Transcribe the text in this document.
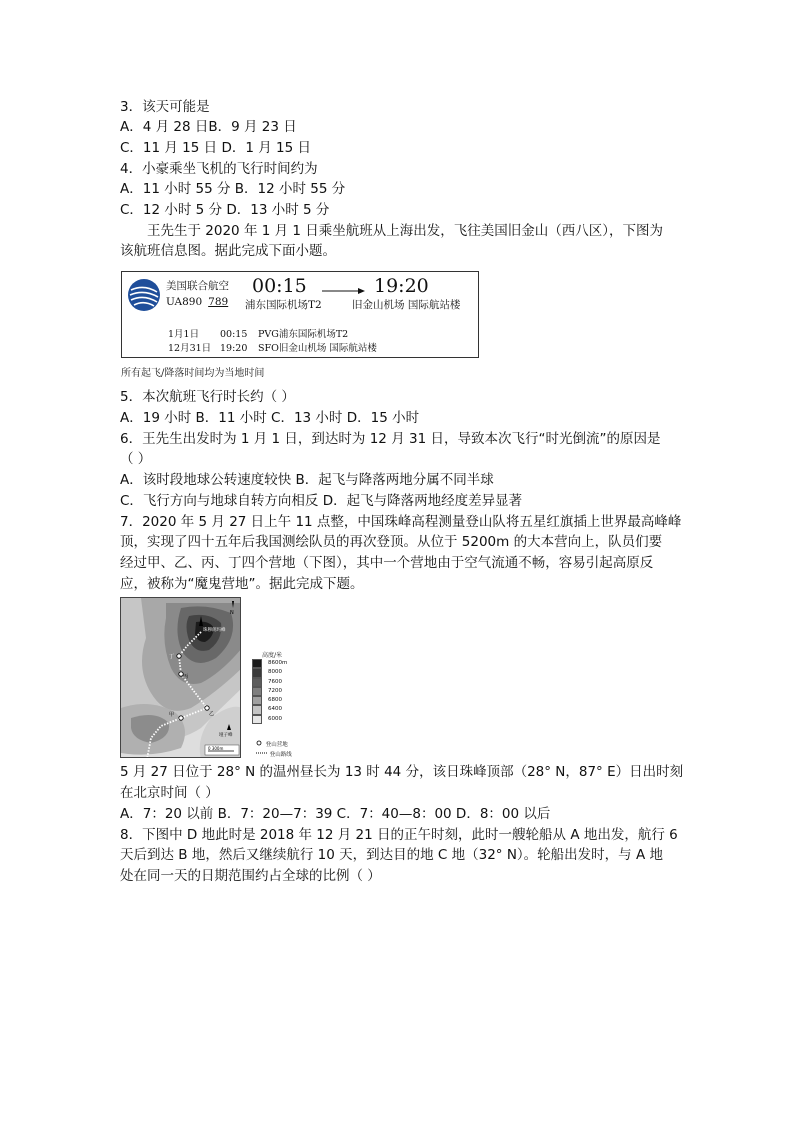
3．该天可能是
A．4 月 28 日B．9 月 23 日
C．11 月 15 日 D．1 月 15 日
4．小豪乘坐飞机的飞行时间约为
A．11 小时 55 分 B．12 小时 55 分
C．12 小时 5 分 D．13 小时 5 分
王先生于 2020 年 1 月 1 日乘坐航班从上海出发，飞往美国旧金山（西八区），下图为
该航班信息图。据此完成下面小题。
美国联合航空
UA890 789
00:15	19:20
浦东国际机场T2	旧金山机场 国际航站楼
1月1日 00:15 PVG浦东国际机场T2
12月31日 19:20 SFO旧金山机场 国际航站楼
所有起飞/降落时间均为当地时间
5．本次航班飞行时长约（ ）
A．19 小时 B．11 小时 C．13 小时 D．15 小时
6．王先生出发时为 1 月 1 日，到达时为 12 月 31 日，导致本次飞行“时光倒流”的原因是
（ ）
A．该时段地球公转速度较快 B．起飞与降落两地分属不同半球
C．飞行方向与地球自转方向相反 D．起飞与降落两地经度差异显著
7．2020 年 5 月 27 日上午 11 点整，中国珠峰高程测量登山队将五星红旗插上世界最高峰峰
顶，实现了四十五年后我国测绘队员的再次登顶。从位于 5200m 的大本营向上，队员们要
经过甲、乙、丙、丁四个营地（下图），其中一个营地由于空气流通不畅，容易引起高原反
应，被称为“魔鬼营地”。据此完成下题。
N
珠穆朗玛峰
丁
丙
乙
甲
垭子峰
0 300m
高度/米
8600m
8000
7600
7200
6800
6400
6000
登山营地
登山路线
5 月 27 日位于 28° N 的温州昼长为 13 时 44 分，该日珠峰顶部（28° N，87° E）日出时刻
在北京时间（ ）
A．7：20 以前 B．7：20—7：39 C．7：40—8：00 D．8：00 以后
8．下图中 D 地此时是 2018 年 12 月 21 日的正午时刻，此时一艘轮船从 A 地出发，航行 6
天后到达 B 地，然后又继续航行 10 天，到达目的地 C 地（32° N）。轮船出发时，与 A 地
处在同一天的日期范围约占全球的比例（ ）
